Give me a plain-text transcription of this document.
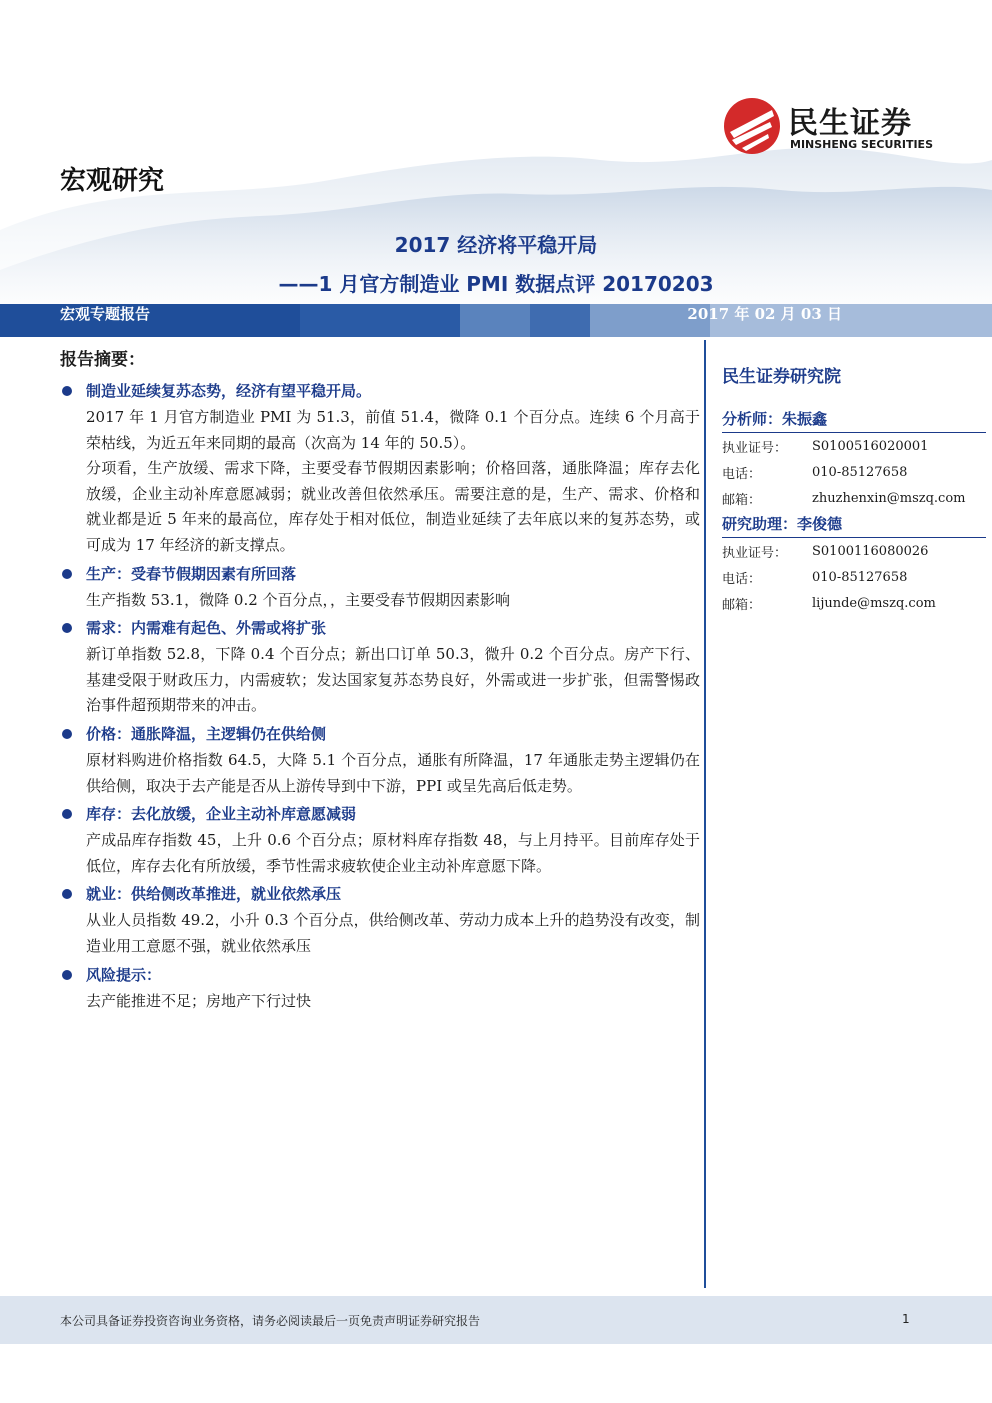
民生证券
MINSHENG SECURITIES
宏观研究
2017 经济将平稳开局
——1 月官方制造业 PMI 数据点评 20170203
宏观专题报告	2017 年 02 月 03 日
报告摘要：
制造业延续复苏态势，经济有望平稳开局。

2017 年 1 月官方制造业 PMI 为 51.3，前值 51.4，微降 0.1 个百分点。连续 6 个月高于荣枯线，为近五年来同期的最高（次高为 14 年的 50.5）。

分项看，生产放缓、需求下降，主要受春节假期因素影响；价格回落，通胀降温；库存去化放缓，企业主动补库意愿减弱；就业改善但依然承压。需要注意的是，生产、需求、价格和就业都是近 5 年来的最高位，库存处于相对低位，制造业延续了去年底以来的复苏态势，或可成为 17 年经济的新支撑点。

生产：受春节假期因素有所回落

生产指数 53.1，微降 0.2 个百分点，，主要受春节假期因素影响

需求：内需难有起色、外需或将扩张

新订单指数 52.8，下降 0.4 个百分点；新出口订单 50.3，微升 0.2 个百分点。房产下行、基建受限于财政压力，内需疲软；发达国家复苏态势良好，外需或进一步扩张，但需警惕政治事件超预期带来的冲击。

价格：通胀降温，主逻辑仍在供给侧

原材料购进价格指数 64.5，大降 5.1 个百分点，通胀有所降温，17 年通胀走势主逻辑仍在供给侧，取决于去产能是否从上游传导到中下游，PPI 或呈先高后低走势。

库存：去化放缓，企业主动补库意愿减弱

产成品库存指数 45，上升 0.6 个百分点；原材料库存指数 48，与上月持平。目前库存处于低位，库存去化有所放缓，季节性需求疲软使企业主动补库意愿下降。

就业：供给侧改革推进，就业依然承压

从业人员指数 49.2，小升 0.3 个百分点，供给侧改革、劳动力成本上升的趋势没有改变，制造业用工意愿不强，就业依然承压

风险提示：

去产能推进不足；房地产下行过快

民生证券研究院
分析师：朱振鑫
执业证号：	S0100516020001
电话：	010-85127658
邮箱：	zhuzhenxin@mszq.com
研究助理：李俊德
执业证号：	S0100116080026
电话：	010-85127658
邮箱：	lijunde@mszq.com
本公司具备证券投资咨询业务资格，请务必阅读最后一页免责声明证券研究报告	1
